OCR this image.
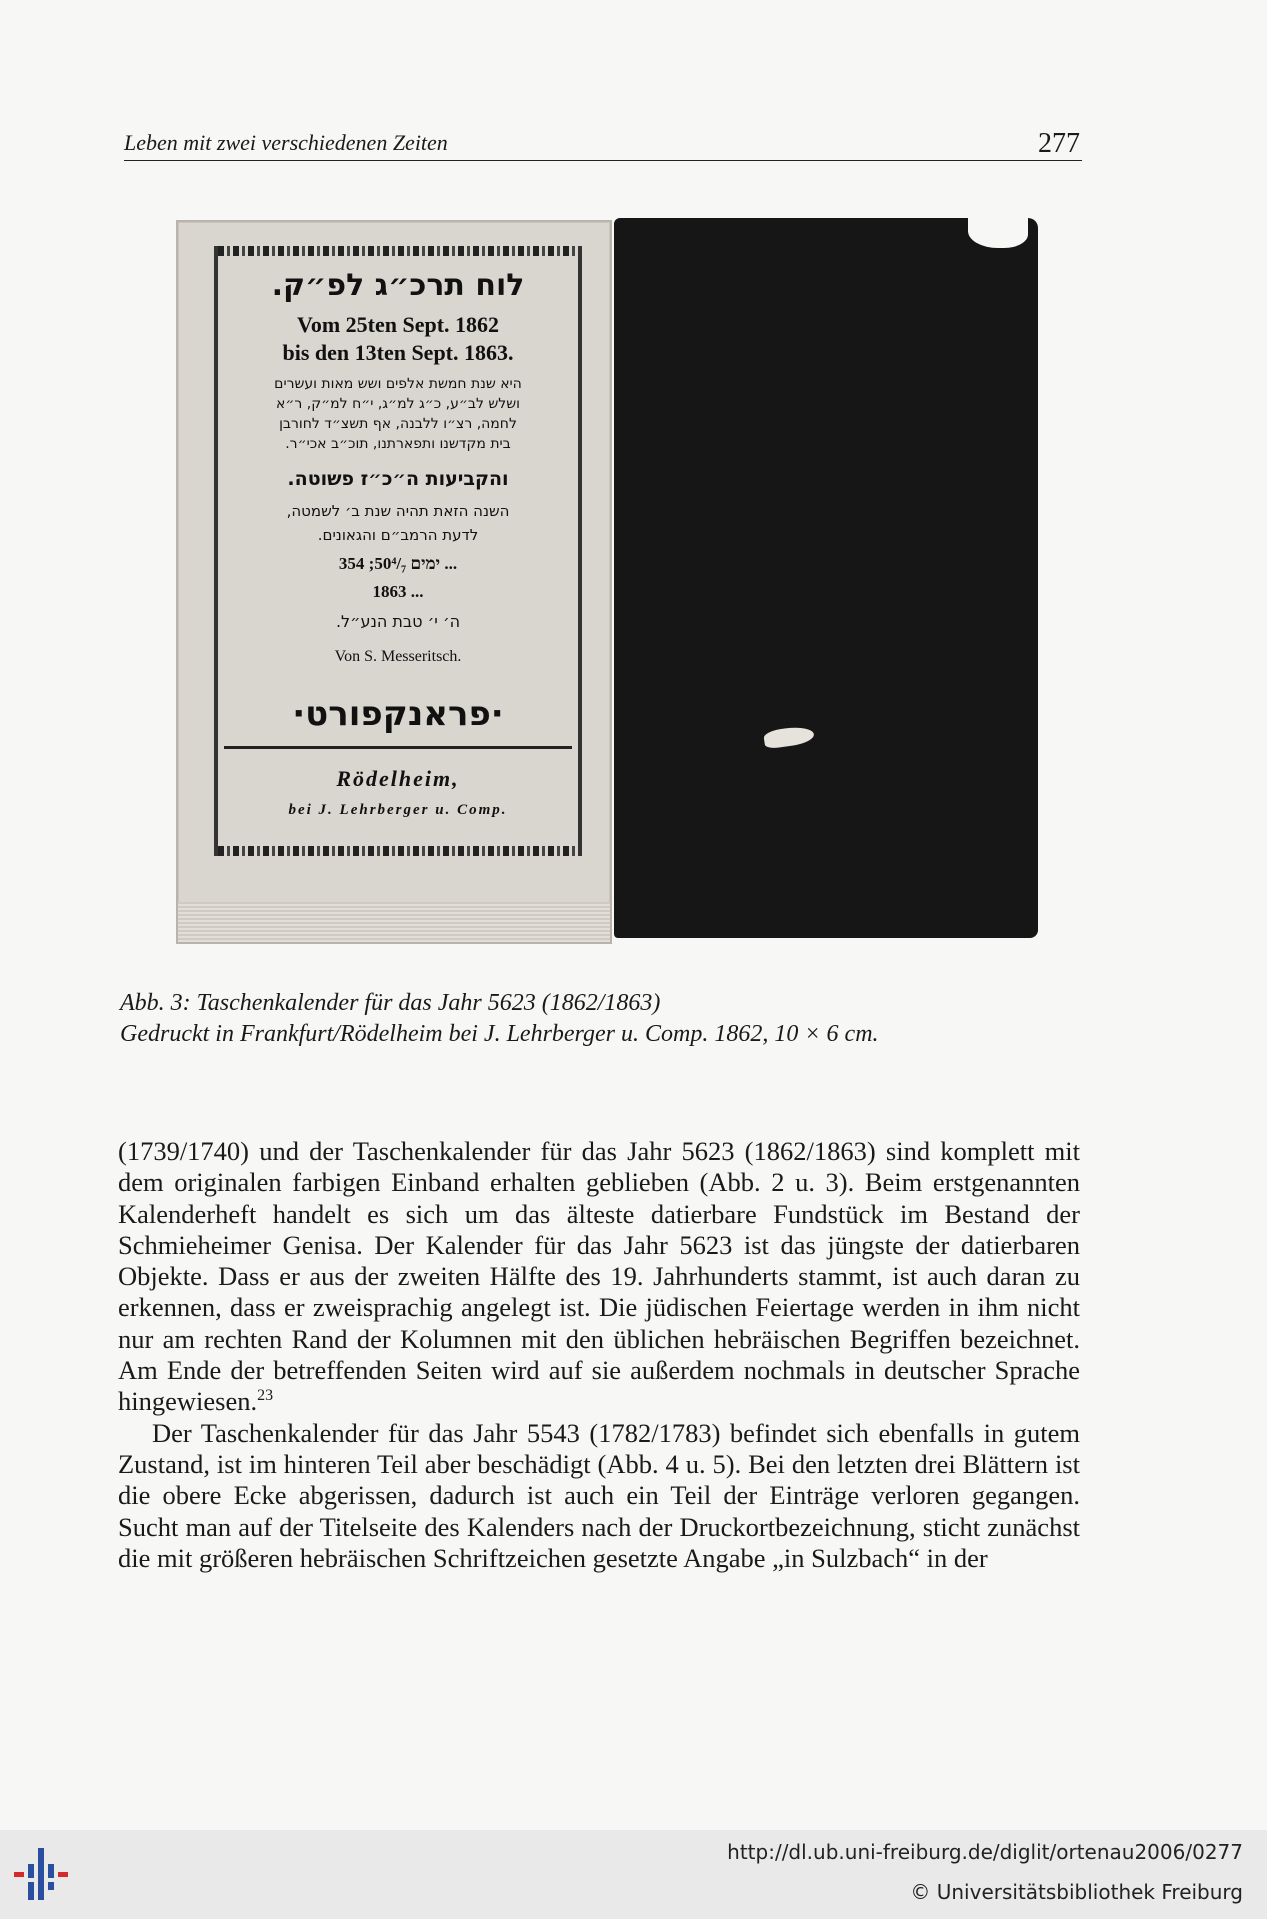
Leben mit zwei verschiedenen Zeiten	277
לוח תרכ״ג לפ״ק.
Vom 25ten Sept. 1862
bis den 13ten Sept. 1863.
היא שנת חמשת אלפים ושש מאות ועשרים
ושלש לב״ע, כ״ג למ״ג, י״ח למ״ק, ר״א
לחמה, רצ״ו ללבנה, אף תשצ״ד לחורבן
בית מקדשנו ותפארתנו, תוכ״ב אכי״ר.
והקביעות ה״כ״ז פשוטה.
השנה הזאת תהיה שנת ב׳ לשמטה,
לדעת הרמב״ם והגאונים.
354 ;ימים 50⁴/₇ ...
1863 ...
ה׳ י׳ טבת הנע״ל.
Von S. Messeritsch.
·פראנקפורט·
Rödelheim,
bei J. Lehrberger u. Comp.
Abb. 3: Taschenkalender für das Jahr 5623 (1862/1863)
Gedruckt in Frankfurt/Rödelheim bei J. Lehrberger u. Comp. 1862, 10 × 6 cm.

(1739/1740) und der Taschenkalender für das Jahr 5623 (1862/1863) sind komplett mit dem originalen farbigen Einband erhalten geblieben (Abb. 2 u. 3). Beim erstgenannten Kalenderheft handelt es sich um das älteste datierbare Fundstück im Bestand der Schmieheimer Genisa. Der Kalender für das Jahr 5623 ist das jüngste der datierbaren Objekte. Dass er aus der zweiten Hälfte des 19. Jahrhunderts stammt, ist auch daran zu erkennen, dass er zweisprachig angelegt ist. Die jüdischen Feiertage werden in ihm nicht nur am rechten Rand der Kolumnen mit den üblichen hebräischen Begriffen bezeichnet. Am Ende der betreffenden Seiten wird auf sie außerdem nochmals in deutscher Sprache hingewiesen.$^{23}$

Der Taschenkalender für das Jahr 5543 (1782/1783) befindet sich ebenfalls in gutem Zustand, ist im hinteren Teil aber beschädigt (Abb. 4 u. 5). Bei den letzten drei Blättern ist die obere Ecke abgerissen, dadurch ist auch ein Teil der Einträge verloren gegangen. Sucht man auf der Titelseite des Kalenders nach der Druckortbezeichnung, sticht zunächst die mit größeren hebräischen Schriftzeichen gesetzte Angabe „in Sulzbach“ in der

http://dl.ub.uni-freiburg.de/diglit/ortenau2006/0277
© Universitätsbibliothek Freiburg
